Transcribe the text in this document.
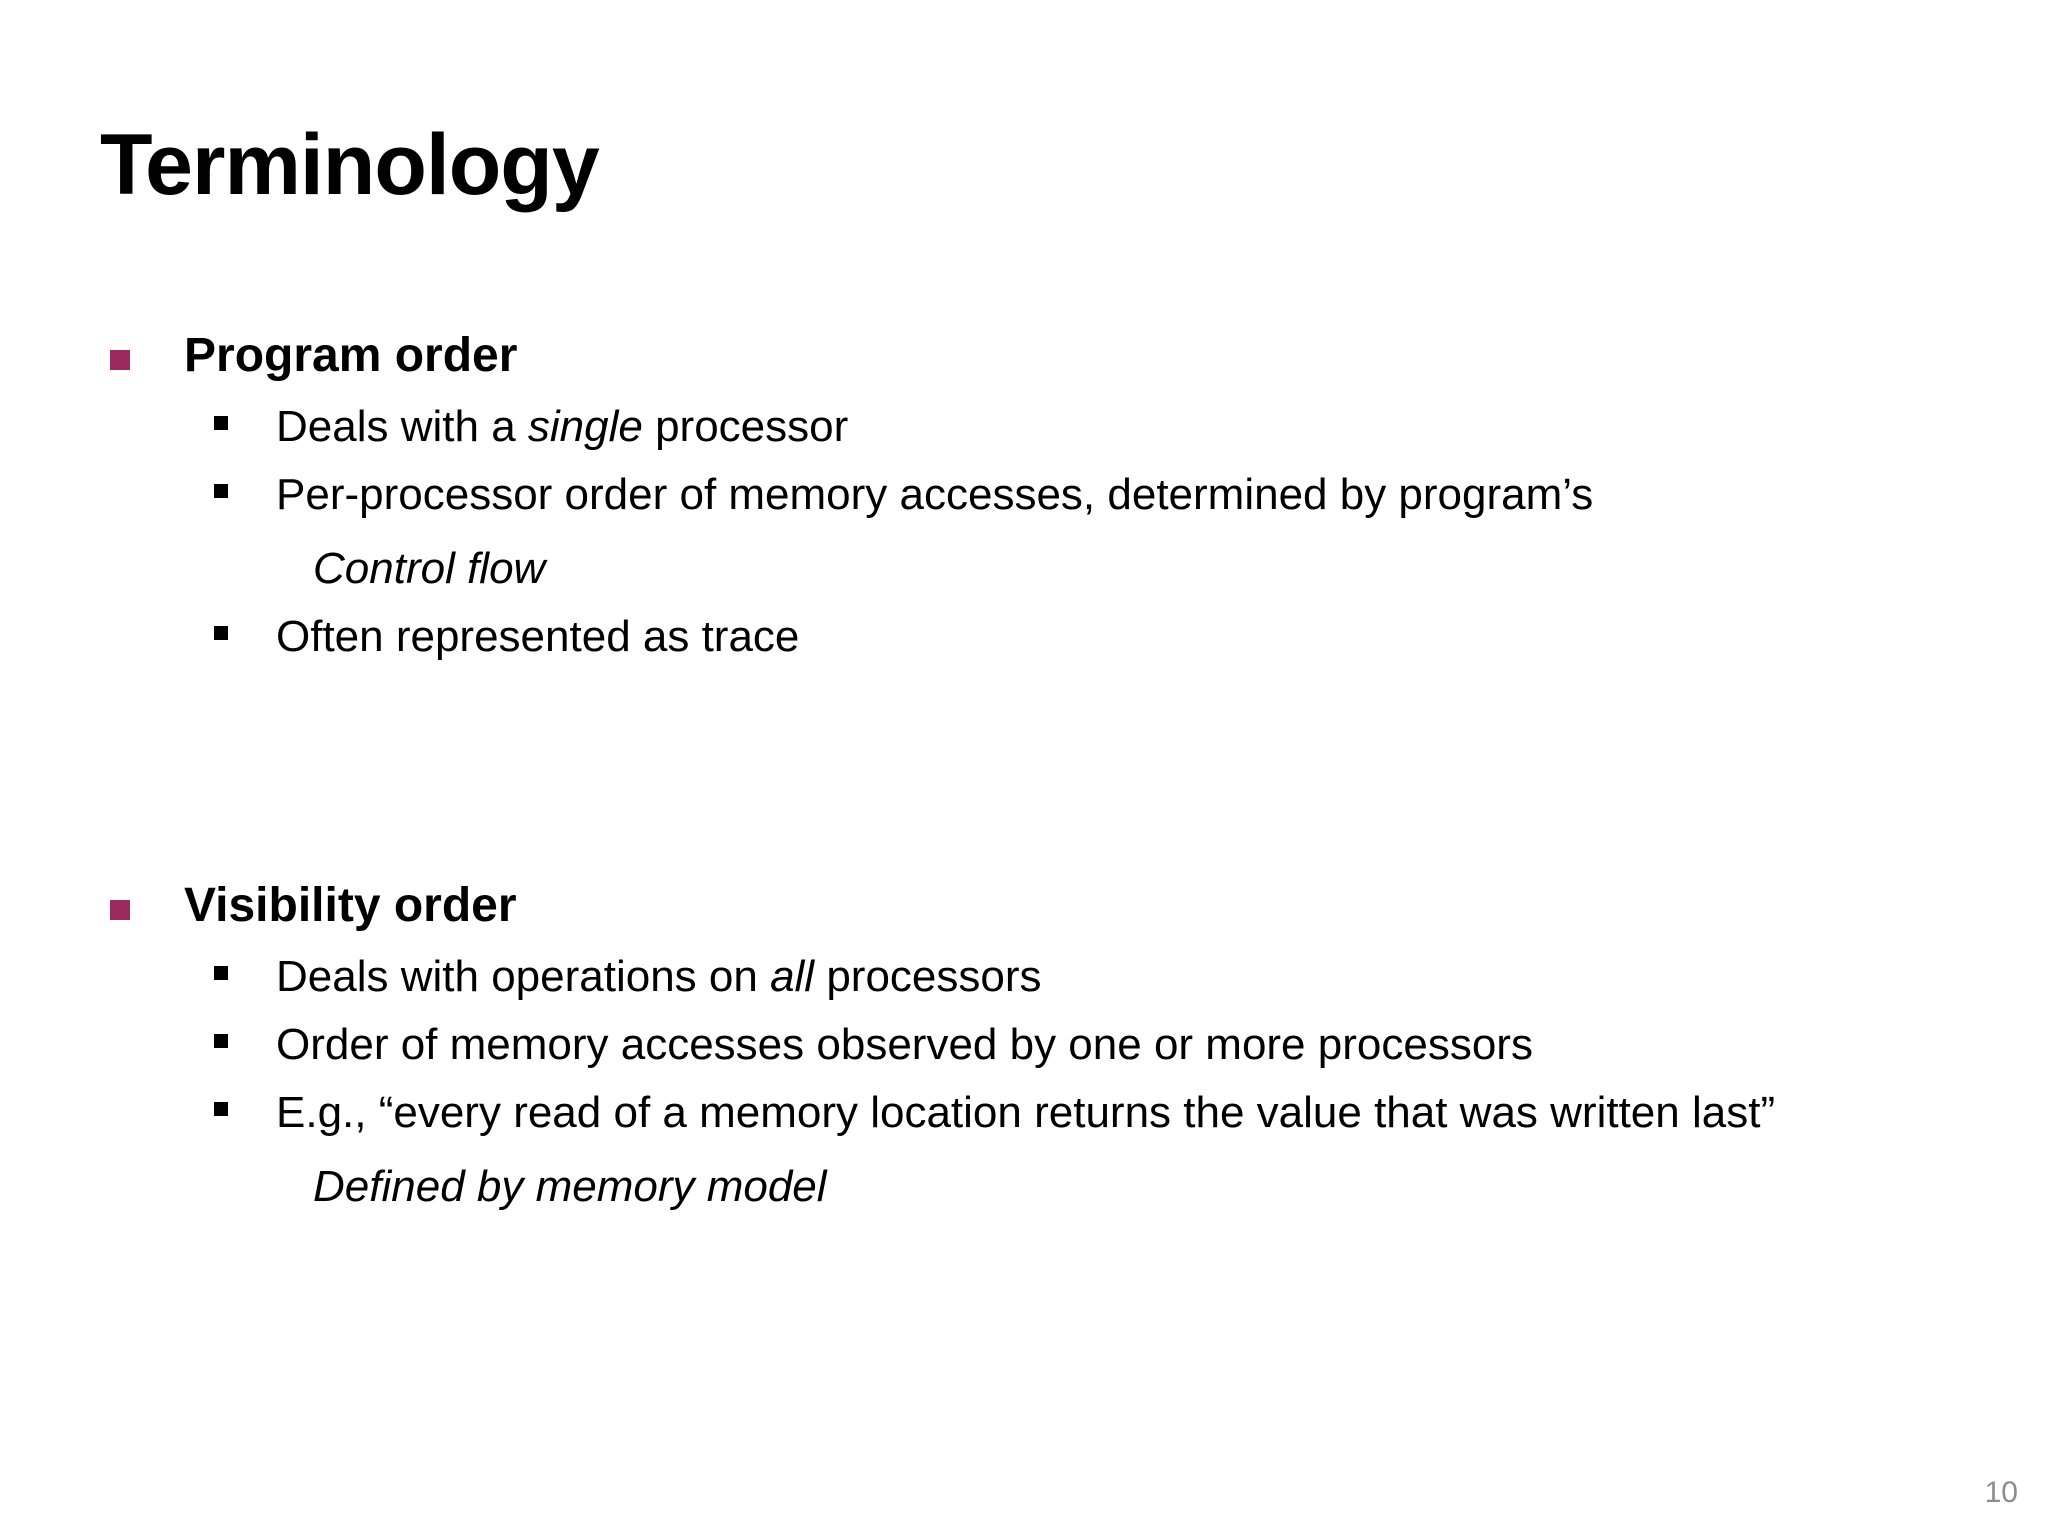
Terminology
Program order
Deals with a single processor
Per-processor order of memory accesses, determined by program’s
Control flow
Often represented as trace
Visibility order
Deals with operations on all processors
Order of memory accesses observed by one or more processors
E.g., “every read of a memory location returns the value that was written last”
Defined by memory model
10
